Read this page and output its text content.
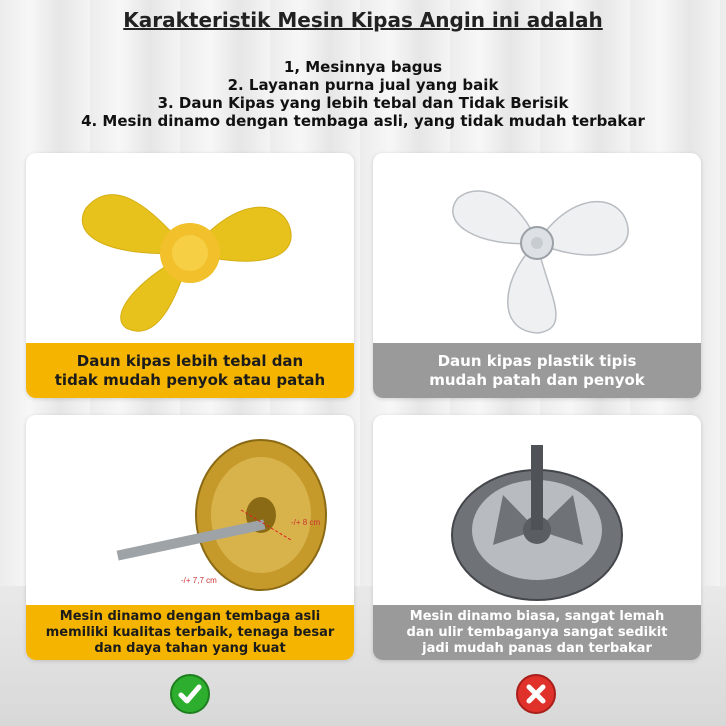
Karakteristik Mesin Kipas Angin ini adalah
1, Mesinnya bagus
2. Layanan purna jual yang baik
3. Daun Kipas yang lebih tebal dan Tidak Berisik
4. Mesin dinamo dengan tembaga asli, yang tidak mudah terbakar
Daun kipas lebih tebal dan
tidak mudah penyok atau patah
Daun kipas plastik tipis
mudah patah dan penyok
-/+ 8 cm
-/+ 7,7 cm
Mesin dinamo dengan tembaga asli
memiliki kualitas terbaik, tenaga besar
dan daya tahan yang kuat
Mesin dinamo biasa, sangat lemah
dan ulir tembaganya sangat sedikit
jadi mudah panas dan terbakar
